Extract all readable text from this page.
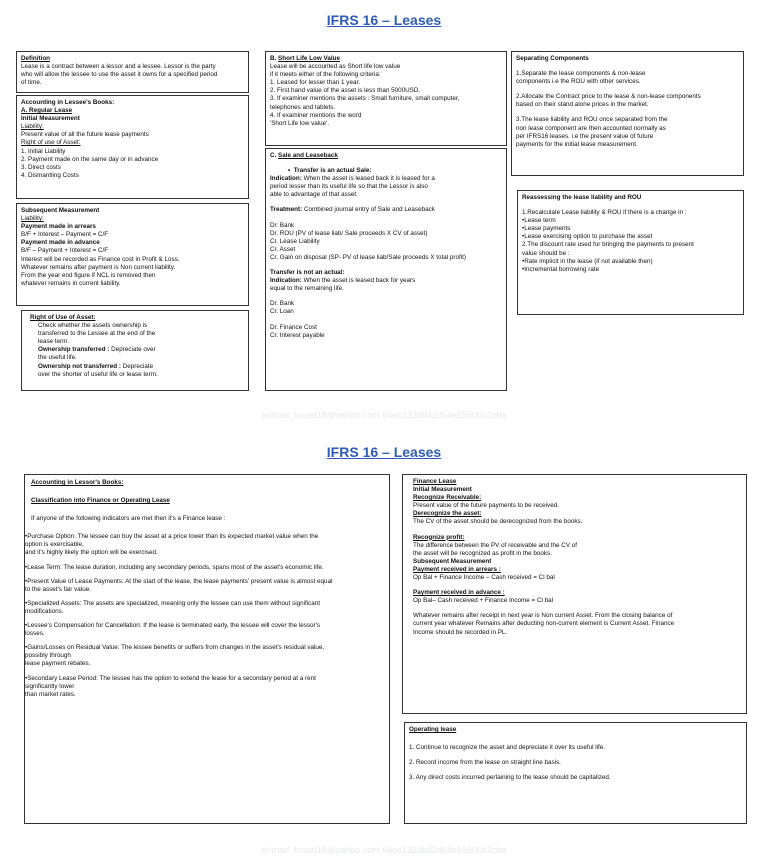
IFRS 16 – Leases
Definition
Lease is a contract between a lessor and a lessee. Lessor is the party
who will allow the lessee to use the asset it owns for a specified period
of time.
Accounting in Lessee's Books:
A. Regular Lease
Initial Measurement
Liability:
Present value of all the future lease payments
Right of use of Asset:
1. Initial Liability
2. Payment made on the same day or in advance
3. Direct costs
4. Dismantling Costs
Subsequent Measurement
Liability:
Payment made in arrears
B/F + Interest – Payment = C/F
Payment made in advance
B/F – Payment + Interest = C/F
Interest will be recorded as Finance cost in Profit & Loss.
Whatever remains after payment is Non current liability.
From the year end figure if NCL is removed then
whatever remains in current liability.
Right of Use of Asset:
Check whether the assets ownership is
transferred to the Lessee at the end of the
lease term.
Ownership transferred : Depreciate over
the useful life.
Ownership not transferred : Depreciate
over the shorter of useful life or lease term.
B. Short Life Low Value
Lease will be accounted as Short life low value
if it meets either of the following criteria:
1. Leased for lesser than 1 year.
2. First hand value of the asset is less than 5000USD.
3. If examiner mentions the assets : Small furniture, small computer,
telephones and tablets.
4. If examiner mentions the word
'Short Life low value'.
C. Sale and Leaseback
•  Transfer is an actual Sale:
Indication: When the asset is leased back it is leased for a
period lesser than its useful life so that the Lessor is also
able to advantage of that asset.
Treatment: Combined journal entry of Sale and Leaseback
Dr. Bank
Dr. ROU (PV of lease liab/ Sale proceeds X CV of asset)
Cr. Lease Liability
Cr. Asset
Cr. Gain on disposal (SP- PV of lease liab/Sale proceeds X total profit)
Transfer is not an actual:
Indication: When the asset is leased back for years
equal to the remaining life.
Dr. Bank
Cr. Loan
Dr. Finance Cost
Cr. Interest payable
Separating Components
1.Separate the lease components & non-lease
components i.e the ROU with other services.
2.Allocate the Contract price to the lease & non-lease components
based on their stand alone prices in the market.
3.The lease liability and ROU once separated from the
non lease component are then accounted normally as
per IFRS16 leases. i.e the present value of future
payments for the initial lease measurement.
Reassessing the lease liability and ROU
1.Recalculate Lease liability & ROU if there is a change in :
•Lease term
•Lease payments
•Lease exercising option to purchase the asset
2.The discount rate used for bringing the payments to present
value should be :
•Rate implicit in the lease (if not available then)
•Incremental borrowing rate
ahmad_fouad18@yahoo.com 64ec132db42d54e15606b2cba
IFRS 16 – Leases
Accounting in Lessor's Books:
Classification into Finance or Operating Lease
If anyone of the following indicators are met then it's a Finance lease :
•Purchase Option: The lessee can buy the asset at a price lower than its expected market value when the
option is exercisable,
and it's highly likely the option will be exercised.
•Lease Term: The lease duration, including any secondary periods, spans most of the asset's economic life.
•Present Value of Lease Payments: At the start of the lease, the lease payments' present value is almost equal
to the asset's fair value.
•Specialized Assets: The assets are specialized, meaning only the lessee can use them without significant
modifications.
•Lessee's Compensation for Cancellation: If the lease is terminated early, the lessee will cover the lessor's
losses.
•Gains/Losses on Residual Value: The lessee benefits or suffers from changes in the asset's residual value,
possibly through
lease payment rebates.
•Secondary Lease Period: The lessee has the option to extend the lease for a secondary period at a rent
significantly lower
than market rates.
Finance Lease
Initial Measurement
Recognize Receivable:
Present value of the future payments to be received.
Derecognize the asset:
The CV of the asset should be derecognized from the books.
Recognize profit:
The difference between the PV of receivable and the CV of
the asset will be recognized as profit in the books.
Subsequent Measurement
Payment received in arrears :
Op Bal + Finance Income – Cash received = Cl bal
Payment received in advance :
Op Bal– Cash received + Finance Income = Cl bal
Whatever remains after receipt in next year is Non current Asset. From the closing balance of
current year whatever Remains after deducting non-current element is Current Asset. Finance
Income should be recorded in PL.
Operating lease
1. Continue to recognize the asset and depreciate it over its useful life.
2. Record income from the lease on straight line basis.
3. Any direct costs incurred pertaining to the lease should be capitalized.
ahmad_fouad18@yahoo.com 64ec132db42d54e15606b2cba
